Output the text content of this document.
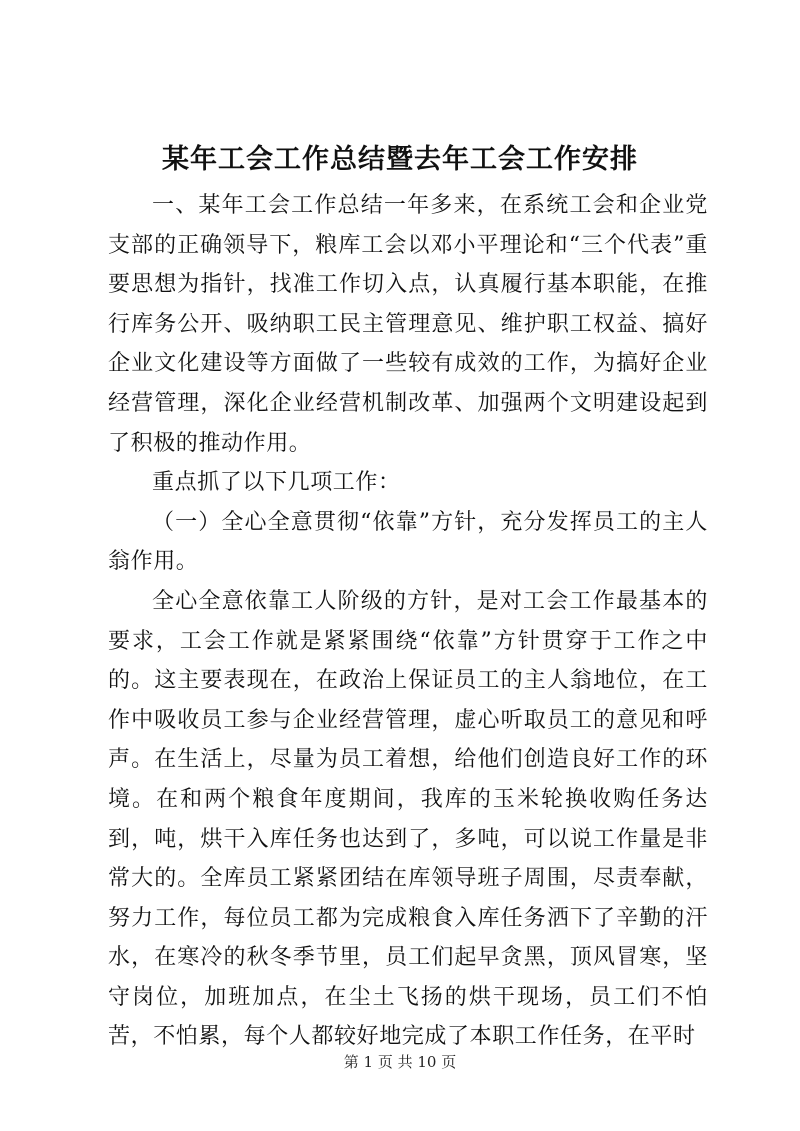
某年工会工作总结暨去年工会工作安排

一、某年工会工作总结一年多来，在系统工会和企业党支部的正确领导下，粮库工会以邓小平理论和“三个代表”重要思想为指针，找准工作切入点，认真履行基本职能，在推行库务公开、吸纳职工民主管理意见、维护职工权益、搞好企业文化建设等方面做了一些较有成效的工作，为搞好企业经营管理，深化企业经营机制改革、加强两个文明建设起到了积极的推动作用。

重点抓了以下几项工作：

（一）全心全意贯彻“依靠”方针，充分发挥员工的主人翁作用。

全心全意依靠工人阶级的方针，是对工会工作最基本的要求，工会工作就是紧紧围绕“依靠”方针贯穿于工作之中的。这主要表现在，在政治上保证员工的主人翁地位，在工作中吸收员工参与企业经营管理，虚心听取员工的意见和呼声。在生活上，尽量为员工着想，给他们创造良好工作的环境。在和两个粮食年度期间，我库的玉米轮换收购任务达到，吨，烘干入库任务也达到了，多吨，可以说工作量是非常大的。全库员工紧紧团结在库领导班子周围，尽责奉献，努力工作，每位员工都为完成粮食入库任务洒下了辛勤的汗水，在寒冷的秋冬季节里，员工们起早贪黑，顶风冒寒，坚守岗位，加班加点，在尘土飞扬的烘干现场，员工们不怕苦，不怕累，每个人都较好地完成了本职工作任务，在平时

第 1 页 共 10 页
